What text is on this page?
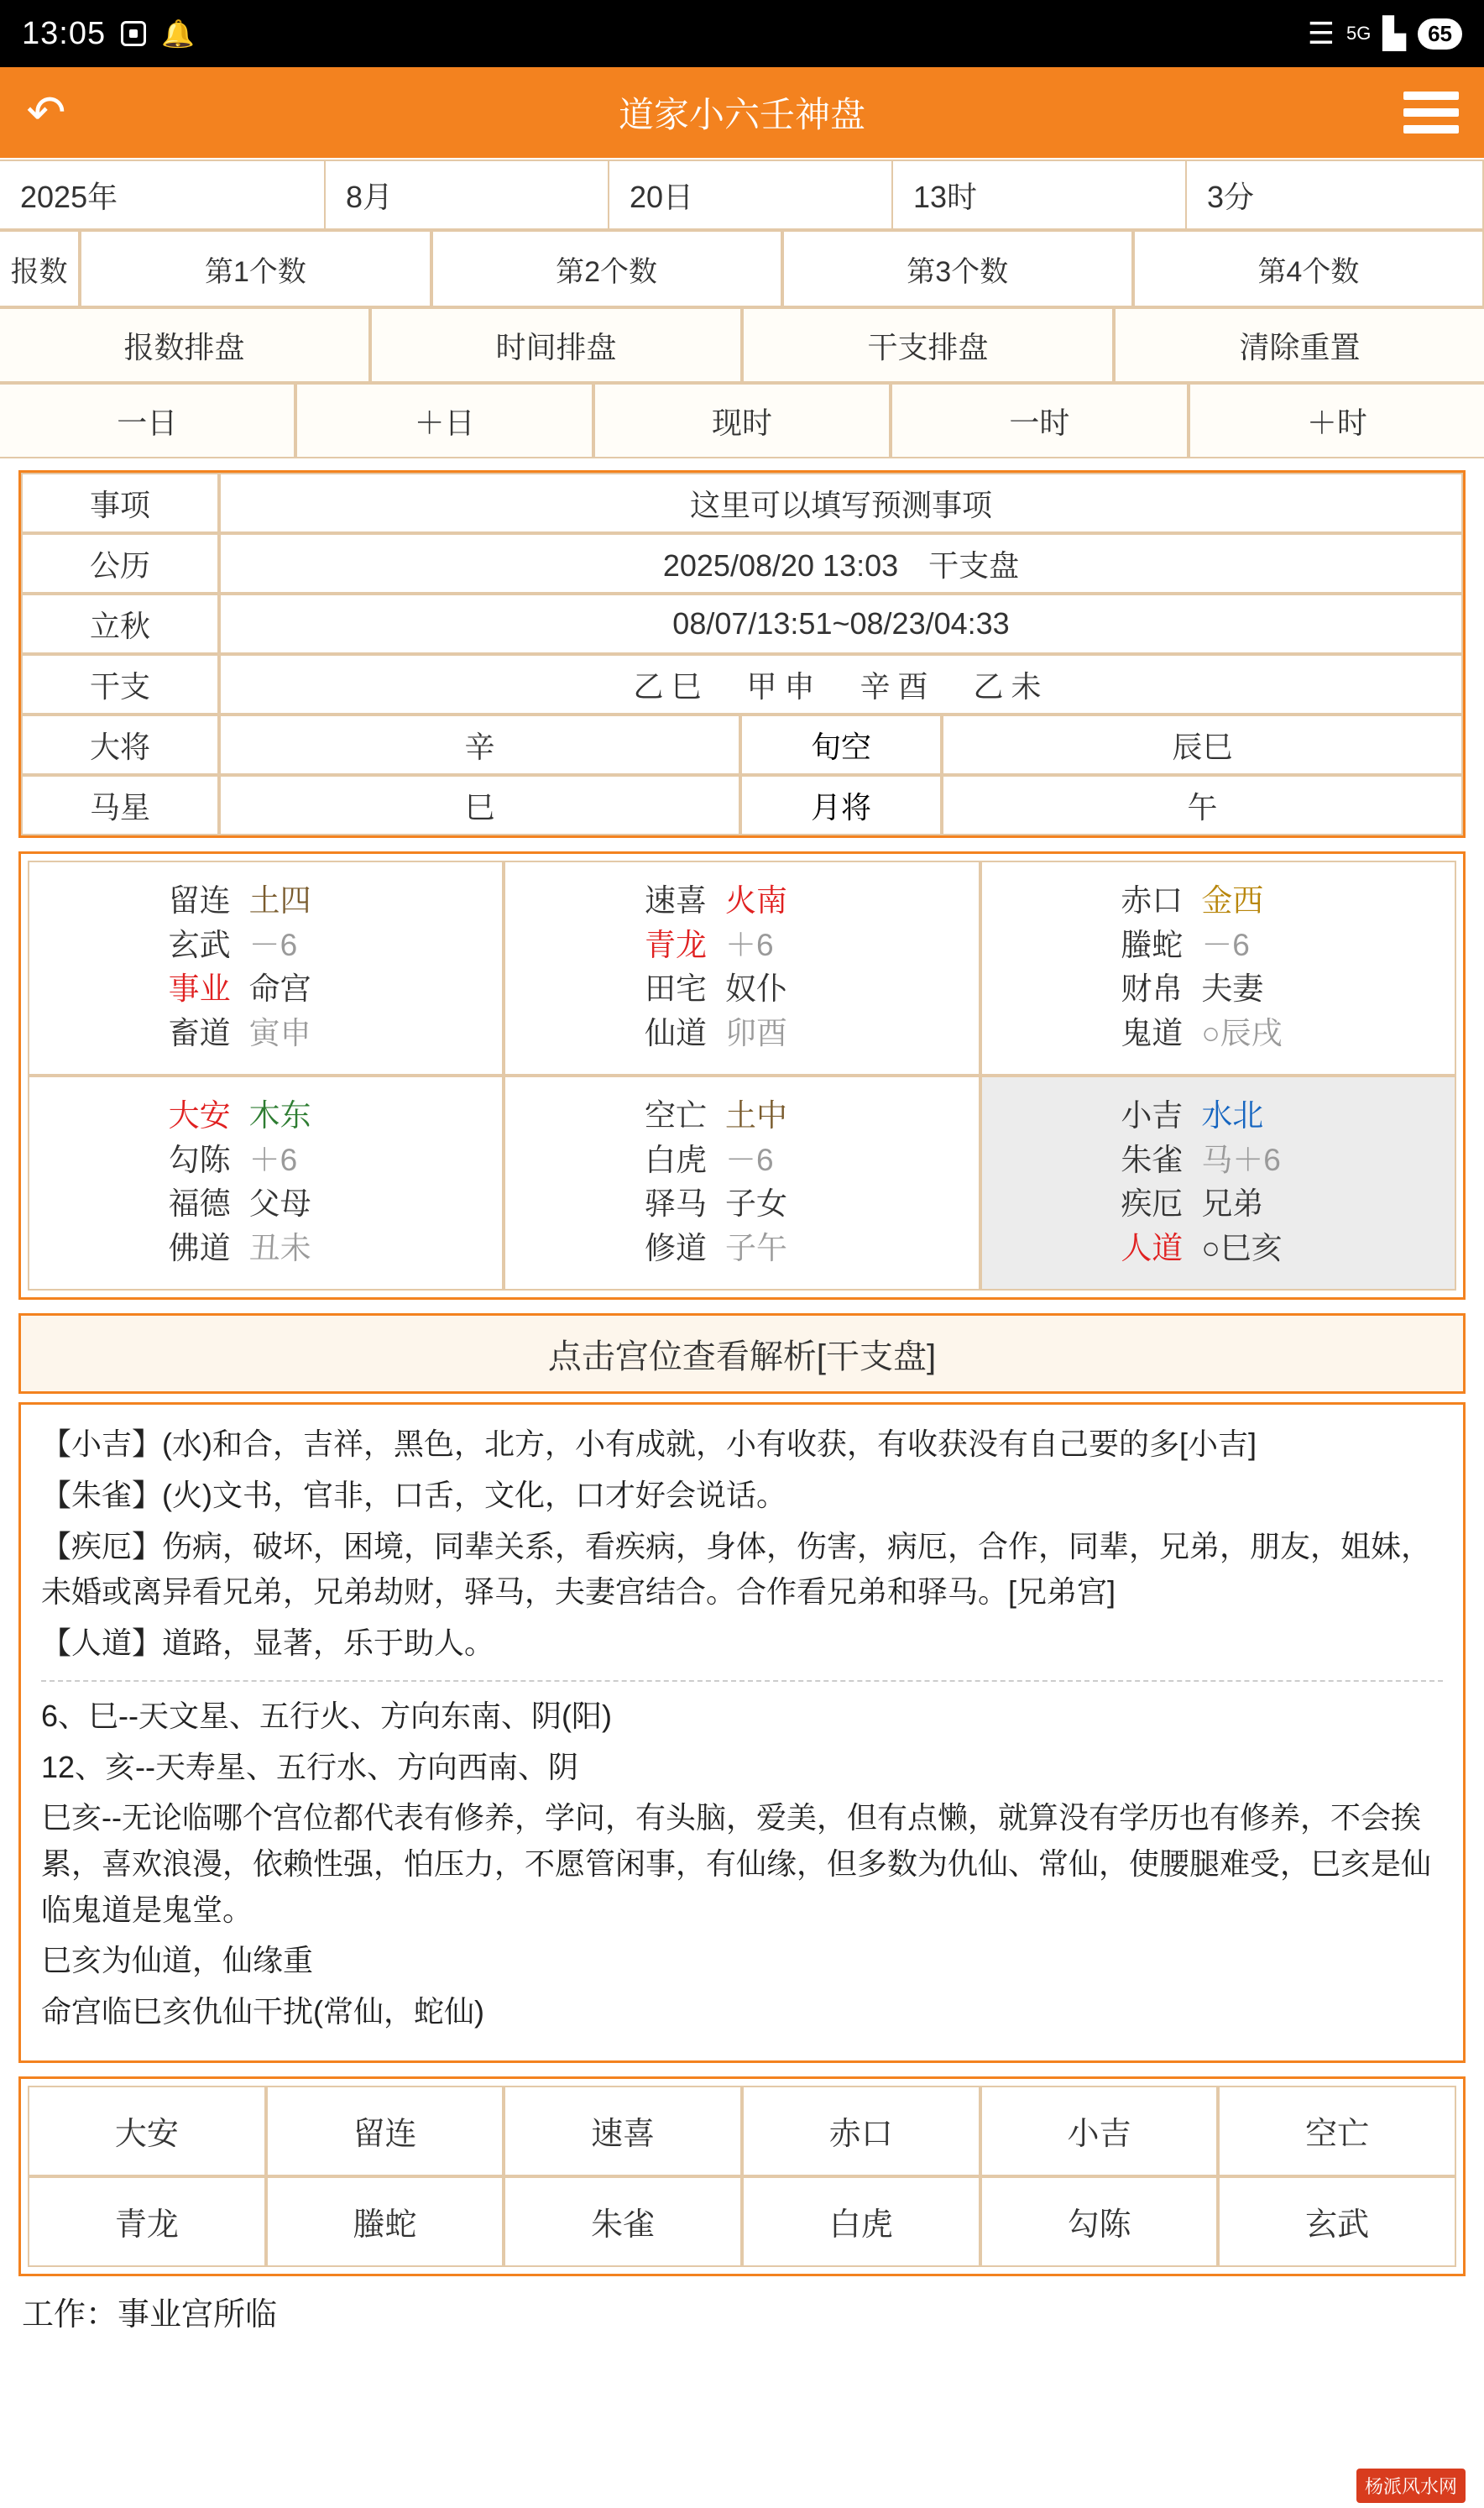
13:05 🔔	☰ 5G ▙	65
↶	道家小六壬神盘
2025年	8月	20日	13时	3分
报数	第1个数	第2个数	第3个数	第4个数
报数排盘	时间排盘	干支排盘	清除重置
一日	＋日	现时	一时	＋时
事项	这里可以填写预测事项
公历	2025/08/20 13:03　干支盘
立秋	08/07/13:51~08/23/04:33
干支	乙巳　甲申　辛酉　乙未
大将	辛	旬空	辰巳
马星	巳	月将	午
留连 土四
玄武 －6
事业 命宫
畜道 寅申
速喜 火南
青龙 ＋6
田宅 奴仆
仙道 卯酉
赤口 金西
螣蛇 －6
财帛 夫妻
鬼道 ○辰戌
大安 木东
勾陈 ＋6
福德 父母
佛道 丑未
空亡 土中
白虎 －6
驿马 子女
修道 子午
小吉 水北
朱雀 马＋6
疾厄 兄弟
人道 ○巳亥
点击宫位查看解析[干支盘]

【小吉】(水)和合，吉祥，黑色，北方，小有成就，小有收获，有收获没有自己要的多[小吉]

【朱雀】(火)文书，官非，口舌，文化，口才好会说话。

【疾厄】伤病，破坏，困境，同辈关系，看疾病，身体，伤害，病厄，合作，同辈，兄弟，朋友，姐妹，未婚或离异看兄弟，兄弟劫财，驿马，夫妻宫结合。合作看兄弟和驿马。[兄弟宫]

【人道】道路，显著，乐于助人。

6、巳--天文星、五行火、方向东南、阴(阳)

12、亥--天寿星、五行水、方向西南、阴

巳亥--无论临哪个宫位都代表有修养，学问，有头脑，爱美，但有点懒，就算没有学历也有修养，不会挨累，喜欢浪漫，依赖性强，怕压力，不愿管闲事，有仙缘，但多数为仇仙、常仙，使腰腿难受，巳亥是仙临鬼道是鬼堂。

巳亥为仙道，仙缘重

命宫临巳亥仇仙干扰(常仙，蛇仙)

大安	留连	速喜	赤口	小吉	空亡
青龙	螣蛇	朱雀	白虎	勾陈	玄武
工作：事业宫所临
杨派风水网
